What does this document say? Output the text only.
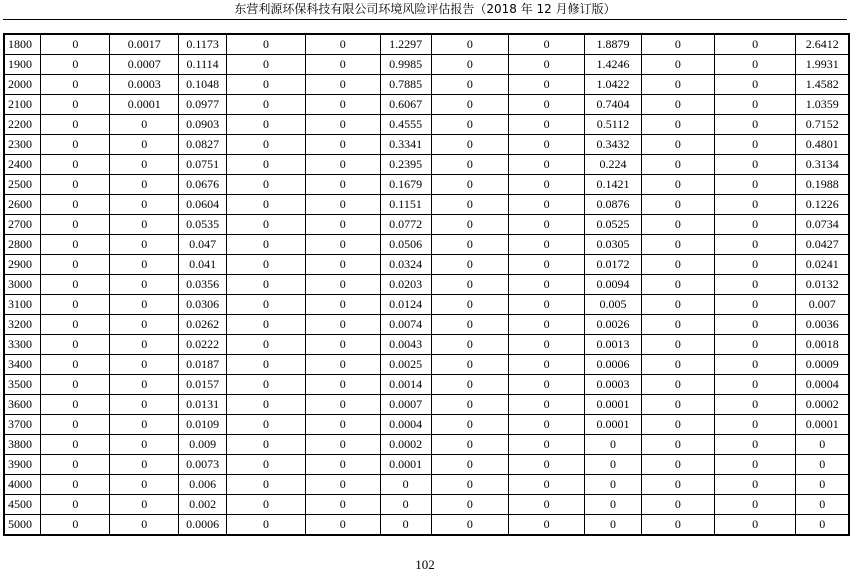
东营利源环保科技有限公司环境风险评估报告（2018 年 12 月修订版）
1800	0	0.0017	0.1173	0	0	1.2297	0	0	1.8879	0	0	2.6412
1900	0	0.0007	0.1114	0	0	0.9985	0	0	1.4246	0	0	1.9931
2000	0	0.0003	0.1048	0	0	0.7885	0	0	1.0422	0	0	1.4582
2100	0	0.0001	0.0977	0	0	0.6067	0	0	0.7404	0	0	1.0359
2200	0	0	0.0903	0	0	0.4555	0	0	0.5112	0	0	0.7152
2300	0	0	0.0827	0	0	0.3341	0	0	0.3432	0	0	0.4801
2400	0	0	0.0751	0	0	0.2395	0	0	0.224	0	0	0.3134
2500	0	0	0.0676	0	0	0.1679	0	0	0.1421	0	0	0.1988
2600	0	0	0.0604	0	0	0.1151	0	0	0.0876	0	0	0.1226
2700	0	0	0.0535	0	0	0.0772	0	0	0.0525	0	0	0.0734
2800	0	0	0.047	0	0	0.0506	0	0	0.0305	0	0	0.0427
2900	0	0	0.041	0	0	0.0324	0	0	0.0172	0	0	0.0241
3000	0	0	0.0356	0	0	0.0203	0	0	0.0094	0	0	0.0132
3100	0	0	0.0306	0	0	0.0124	0	0	0.005	0	0	0.007
3200	0	0	0.0262	0	0	0.0074	0	0	0.0026	0	0	0.0036
3300	0	0	0.0222	0	0	0.0043	0	0	0.0013	0	0	0.0018
3400	0	0	0.0187	0	0	0.0025	0	0	0.0006	0	0	0.0009
3500	0	0	0.0157	0	0	0.0014	0	0	0.0003	0	0	0.0004
3600	0	0	0.0131	0	0	0.0007	0	0	0.0001	0	0	0.0002
3700	0	0	0.0109	0	0	0.0004	0	0	0.0001	0	0	0.0001
3800	0	0	0.009	0	0	0.0002	0	0	0	0	0	0
3900	0	0	0.0073	0	0	0.0001	0	0	0	0	0	0
4000	0	0	0.006	0	0	0	0	0	0	0	0	0
4500	0	0	0.002	0	0	0	0	0	0	0	0	0
5000	0	0	0.0006	0	0	0	0	0	0	0	0	0
102
